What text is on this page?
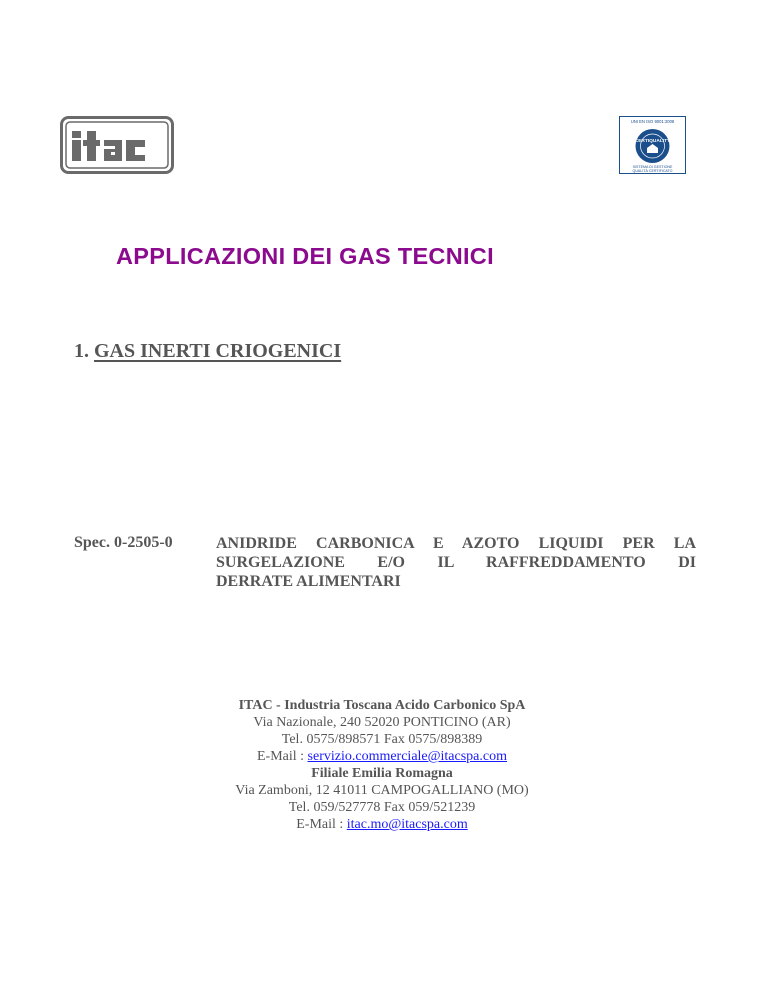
UNI EN ISO 9001:2008
CERTIQUALITY
SISTEMA DI GESTIONE
QUALITÀ CERTIFICATO
APPLICAZIONI DEI GAS TECNICI
1. GAS INERTI CRIOGENICI
Spec. 0-2505-0	ANIDRIDE CARBONICA E AZOTO LIQUIDI PER LA
SURGELAZIONE E/O IL RAFFREDDAMENTO DI
DERRATE ALIMENTARI
ITAC - Industria Toscana Acido Carbonico SpA
Via Nazionale, 240 52020 PONTICINO (AR)
Tel. 0575/898571 Fax 0575/898389
E-Mail : servizio.commerciale@itacspa.com
Filiale Emilia Romagna
Via Zamboni, 12 41011 CAMPOGALLIANO (MO)
Tel. 059/527778 Fax 059/521239
E-Mail : itac.mo@itacspa.com
